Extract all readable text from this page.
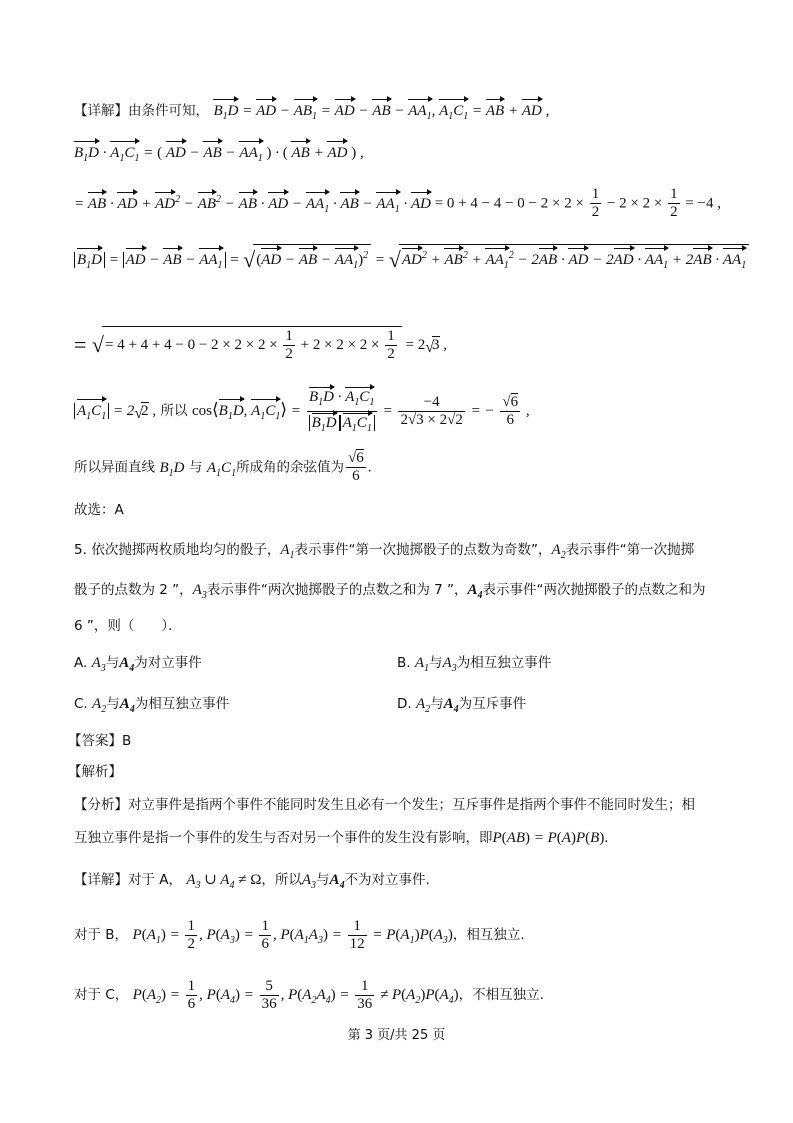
【详解】由条件可知， $B_1D$ = AD − $AB_1$ = AD − AB − $AA_1$, $A_1C_1$ = AB + AD ,
$B_1D \cdot A_1C_1$ = ( AD − AB − $AA_1$ ) · ( AB + AD ) ,
= AB · AD + $AD^2 - AB^2$ − AB · AD − $AA_1$ · AB − $AA_1$ · AD = $0 + 4 - 4 - 0 - 2 \times 2 \times \frac{1}{2} - 2 \times 2 \times \frac{1}{2} = -4$ ,
$B_1D$ = AD − AB − $AA_1 = √(AD$ − AB − $AA_1)^2 = √AD^2 + AB^2 + AA_1^2 - 2AB$ · AD − $2AD \cdot AA_1 + 2AB \cdot AA_1$
= √= $4 + 4 + 4 - 0 - 2 \times 2 \times 2 \times \frac{1}{2} + 2 \times 2 \times 2 \times \frac{1}{2} = 2√3$ ,
$A_1C_1 = 2√2$ , 所以 $\cos⟨B_1D$, $A_1C_1⟩ = \frac{B_1D \cdot A_1C_1}{B_1D A_1C_1} = \frac{-4}{2√3 \times 2√2}$ = − $\frac{√6}{6}$ ,
所以异面直线 $B_1D$ 与 $A_1C_1$所成角的余弦值为 $\frac{√6}{6}$ .
故选：A
5. 依次抛掷两枚质地均匀的骰子，$A_1$表示事件“第一次抛掷骰子的点数为奇数”，$A_2$表示事件“第一次抛掷
骰子的点数为 2 ”，$A_3$表示事件“两次抛掷骰子的点数之和为 7 ”，$A_4$表示事件“两次抛掷骰子的点数之和为
6 ”，则（　　）．
A. $A_3$与$A_4$为对立事件	B. $A_1$与$A_3$为相互独立事件
C. $A_2$与$A_4$为相互独立事件	D. $A_2$与$A_4$为互斥事件
【答案】B
【解析】
【分析】对立事件是指两个事件不能同时发生且必有一个发生；互斥事件是指两个事件不能同时发生；相
互独立事件是指一个事件的发生与否对另一个事件的发生没有影响，即P(AB) = P(A)P(B).
【详解】对于 A， $A_3$ ∪ $A_4 \ne \Omega$，所以$A_3$与$A_4$不为对立事件.
对于 B， $P(A_1) = \frac{1}{2}$ , $P(A_3) = \frac{1}{6}$ , $P(A_1A_3) = \frac{1}{12} = P(A_1)P(A_3)$，相互独立.
对于 C， $P(A_2) = \frac{1}{6}$ , $P(A_4) = \frac{5}{36}$ , $P(A_2A_4) = \frac{1}{36} \ne P(A_2)P(A_4)$，不相互独立.
第 3 页/共 25 页
